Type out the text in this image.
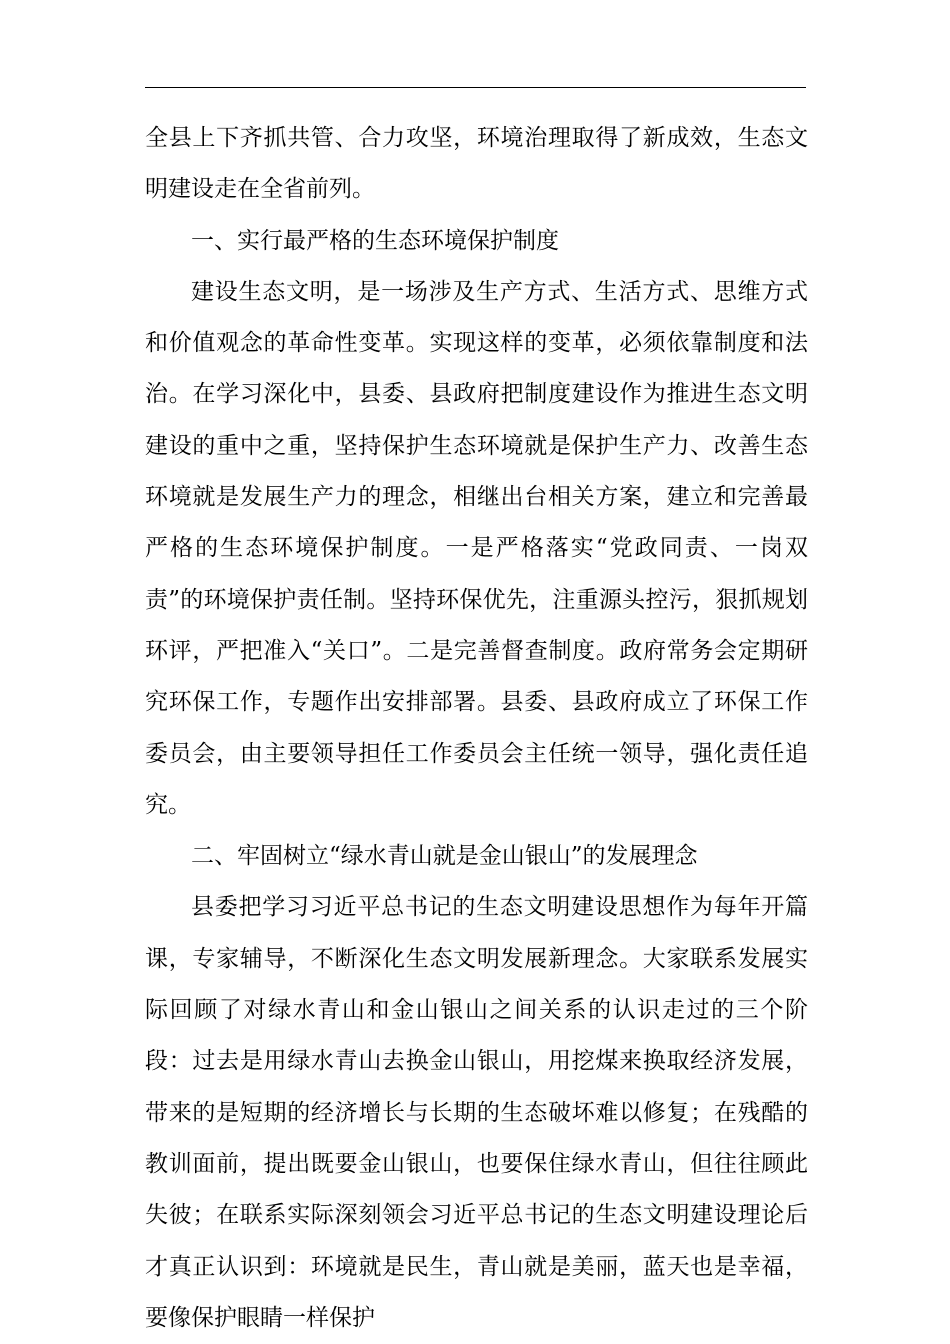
全县上下齐抓共管、合力攻坚，环境治理取得了新成效，生态文明建设走在全省前列。

一、实行最严格的生态环境保护制度

建设生态文明，是一场涉及生产方式、生活方式、思维方式和价值观念的革命性变革。实现这样的变革，必须依靠制度和法治。在学习深化中，县委、县政府把制度建设作为推进生态文明建设的重中之重，坚持保护生态环境就是保护生产力、改善生态环境就是发展生产力的理念，相继出台相关方案，建立和完善最严格的生态环境保护制度。一是严格落实“党政同责、一岗双责”的环境保护责任制。坚持环保优先，注重源头控污，狠抓规划环评，严把准入“关口”。二是完善督查制度。政府常务会定期研究环保工作，专题作出安排部署。县委、县政府成立了环保工作委员会，由主要领导担任工作委员会主任统一领导，强化责任追究。

二、牢固树立“绿水青山就是金山银山”的发展理念

县委把学习习近平总书记的生态文明建设思想作为每年开篇课，专家辅导，不断深化生态文明发展新理念。大家联系发展实际回顾了对绿水青山和金山银山之间关系的认识走过的三个阶段：过去是用绿水青山去换金山银山，用挖煤来换取经济发展，带来的是短期的经济增长与长期的生态破坏难以修复；在残酷的教训面前，提出既要金山银山，也要保住绿水青山，但往往顾此失彼；在联系实际深刻领会习近平总书记的生态文明建设理论后才真正认识到：环境就是民生，青山就是美丽，蓝天也是幸福，要像保护眼睛一样保护
